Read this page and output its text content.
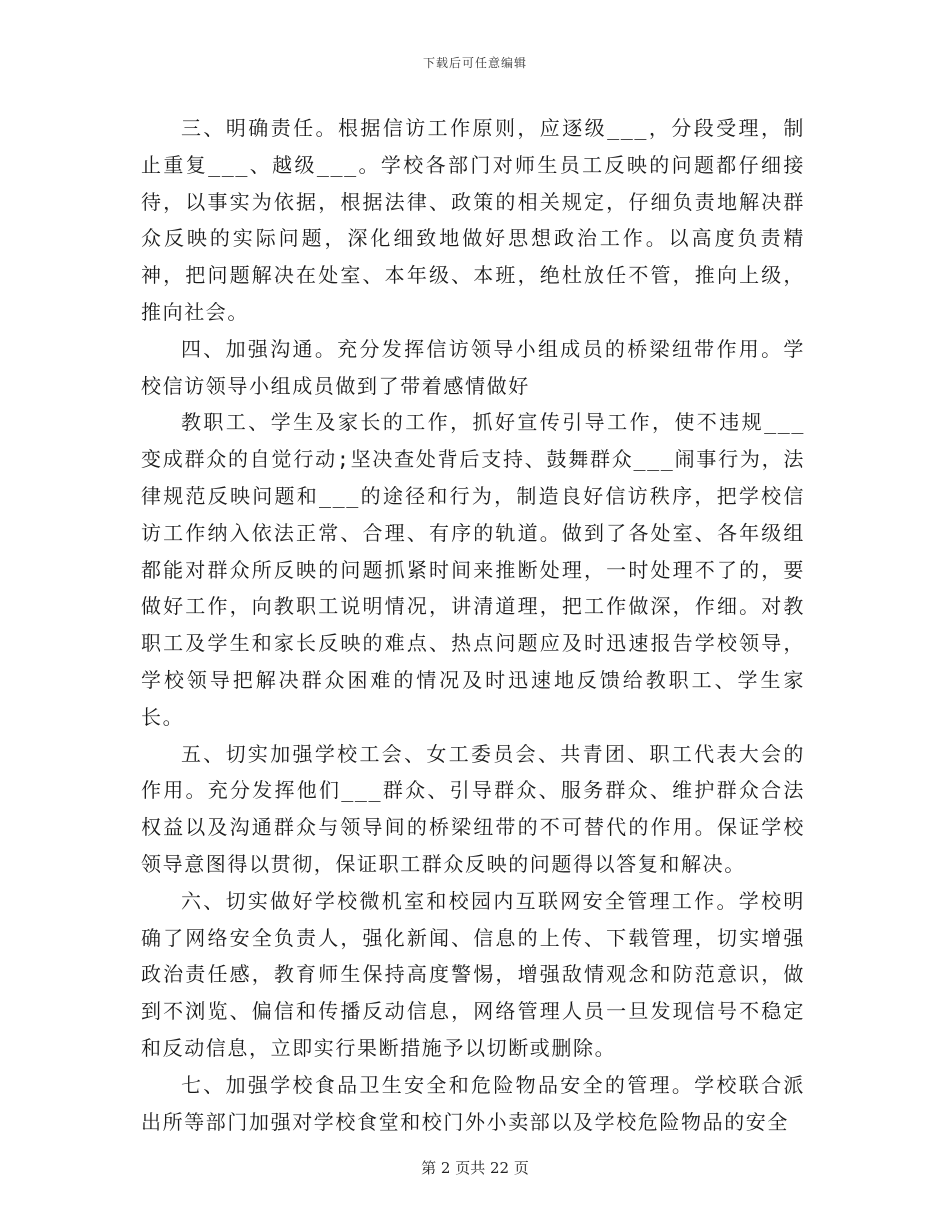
下载后可任意编辑

三、明确责任。根据信访工作原则，应逐级___，分段受理，制止重复___、越级___。学校各部门对师生员工反映的问题都仔细接待，以事实为依据，根据法律、政策的相关规定，仔细负责地解决群众反映的实际问题，深化细致地做好思想政治工作。以高度负责精神，把问题解决在处室、本年级、本班，绝杜放任不管，推向上级，推向社会。

四、加强沟通。充分发挥信访领导小组成员的桥梁纽带作用。学校信访领导小组成员做到了带着感情做好

教职工、学生及家长的工作，抓好宣传引导工作，使不违规___变成群众的自觉行动;坚决查处背后支持、鼓舞群众___闹事行为，法律规范反映问题和___的途径和行为，制造良好信访秩序，把学校信访工作纳入依法正常、合理、有序的轨道。做到了各处室、各年级组都能对群众所反映的问题抓紧时间来推断处理，一时处理不了的，要做好工作，向教职工说明情况，讲清道理，把工作做深，作细。对教职工及学生和家长反映的难点、热点问题应及时迅速报告学校领导，学校领导把解决群众困难的情况及时迅速地反馈给教职工、学生家长。

五、切实加强学校工会、女工委员会、共青团、职工代表大会的作用。充分发挥他们___群众、引导群众、服务群众、维护群众合法权益以及沟通群众与领导间的桥梁纽带的不可替代的作用。保证学校领导意图得以贯彻，保证职工群众反映的问题得以答复和解决。

六、切实做好学校微机室和校园内互联网安全管理工作。学校明确了网络安全负责人，强化新闻、信息的上传、下载管理，切实增强政治责任感，教育师生保持高度警惕，增强敌情观念和防范意识，做到不浏览、偏信和传播反动信息，网络管理人员一旦发现信号不稳定和反动信息，立即实行果断措施予以切断或删除。

七、加强学校食品卫生安全和危险物品安全的管理。学校联合派出所等部门加强对学校食堂和校门外小卖部以及学校危险物品的安全

第 2 页共 22 页
